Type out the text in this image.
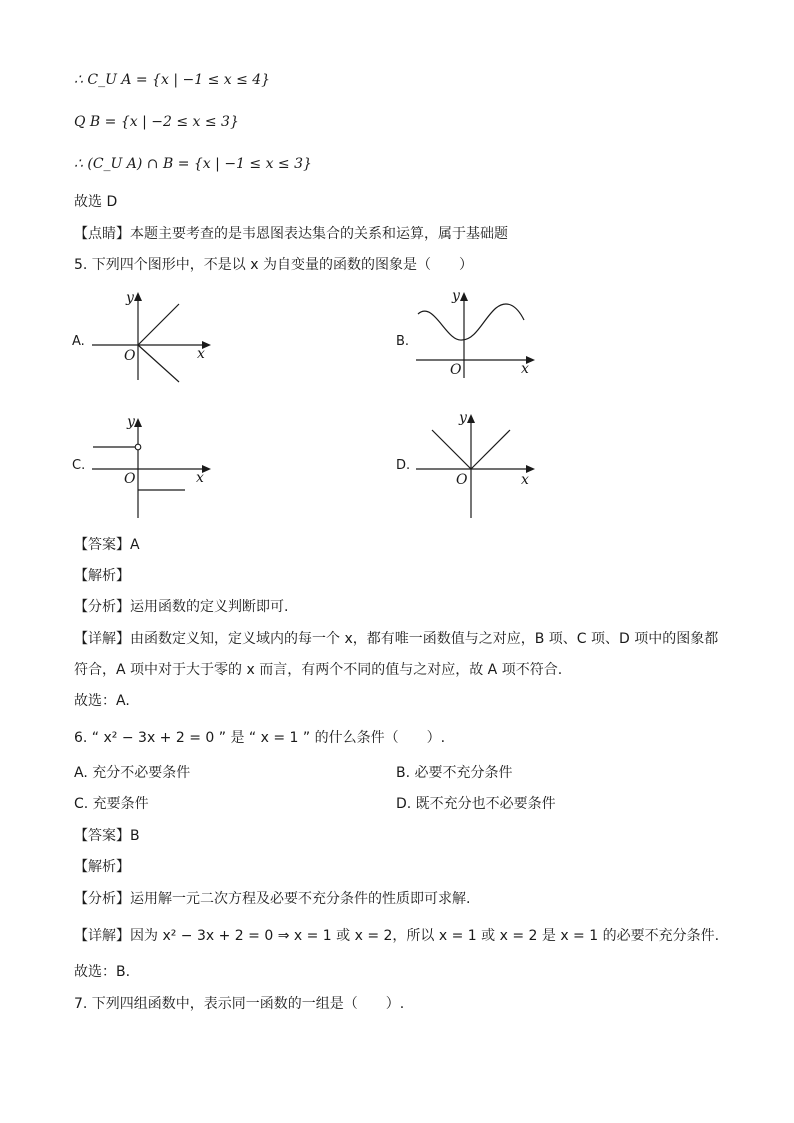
∴ C_U A = {x | −1 ≤ x ≤ 4}
Q B = {x | −2 ≤ x ≤ 3}
∴ (C_U A) ∩ B = {x | −1 ≤ x ≤ 3}
故选 D
【点睛】本题主要考查的是韦恩图表达集合的关系和运算，属于基础题
5. 下列四个图形中，不是以 x 为自变量的函数的图象是（　　）
A.
y
x
O
B.
y
x
O
C.
y
x
O
D.
y
x
O
【答案】A
【解析】
【分析】运用函数的定义判断即可.
【详解】由函数定义知，定义域内的每一个 x，都有唯一函数值与之对应，B 项、C 项、D 项中的图象都
符合，A 项中对于大于零的 x 而言，有两个不同的值与之对应，故 A 项不符合.
故选：A.
6. “ x² − 3x + 2 = 0 ” 是 “ x = 1 ” 的什么条件（　　）.
A. 充分不必要条件	B. 必要不充分条件
C. 充要条件	D. 既不充分也不必要条件
【答案】B
【解析】
【分析】运用解一元二次方程及必要不充分条件的性质即可求解.
【详解】因为 x² − 3x + 2 = 0 ⇒ x = 1 或 x = 2，所以 x = 1 或 x = 2 是 x = 1 的必要不充分条件.
故选：B.
7. 下列四组函数中，表示同一函数的一组是（　　）.
